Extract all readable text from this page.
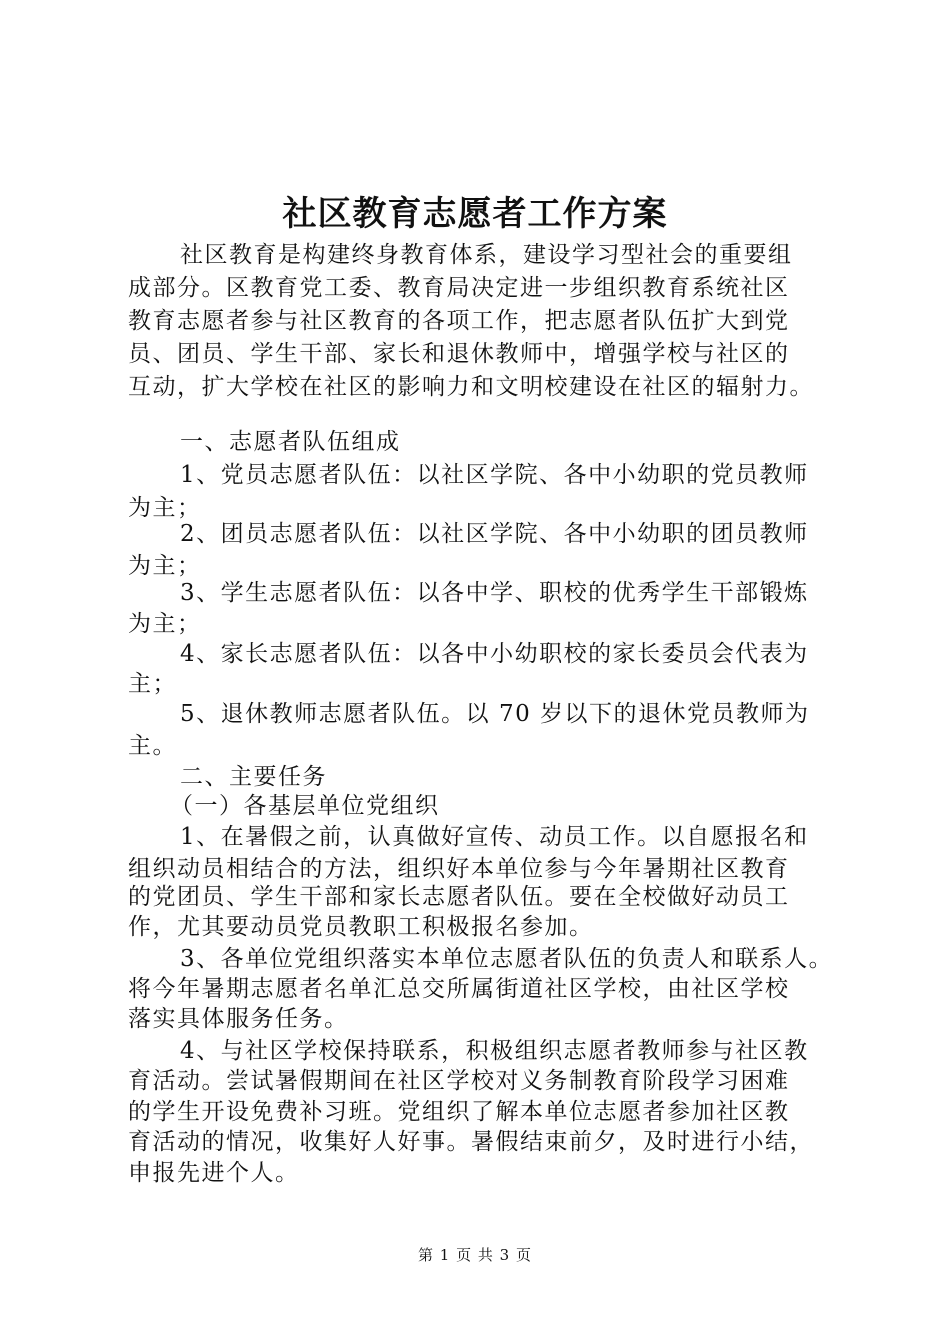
社区教育志愿者工作方案
社区教育是构建终身教育体系，建设学习型社会的重要组
成部分。区教育党工委、教育局决定进一步组织教育系统社区
教育志愿者参与社区教育的各项工作，把志愿者队伍扩大到党
员、团员、学生干部、家长和退休教师中，增强学校与社区的
互动，扩大学校在社区的影响力和文明校建设在社区的辐射力。
一、志愿者队伍组成
1、党员志愿者队伍：以社区学院、各中小幼职的党员教师
为主；
2、团员志愿者队伍：以社区学院、各中小幼职的团员教师
为主；
3、学生志愿者队伍：以各中学、职校的优秀学生干部锻炼
为主；
4、家长志愿者队伍：以各中小幼职校的家长委员会代表为
主；
5、退休教师志愿者队伍。以 70 岁以下的退休党员教师为
主。
二、主要任务
（一）各基层单位党组织
1、在暑假之前，认真做好宣传、动员工作。以自愿报名和
组织动员相结合的方法，组织好本单位参与今年暑期社区教育
的党团员、学生干部和家长志愿者队伍。要在全校做好动员工
作，尤其要动员党员教职工积极报名参加。
3、各单位党组织落实本单位志愿者队伍的负责人和联系人。
将今年暑期志愿者名单汇总交所属街道社区学校，由社区学校
落实具体服务任务。
4、与社区学校保持联系，积极组织志愿者教师参与社区教
育活动。尝试暑假期间在社区学校对义务制教育阶段学习困难
的学生开设免费补习班。党组织了解本单位志愿者参加社区教
育活动的情况，收集好人好事。暑假结束前夕，及时进行小结，
申报先进个人。
第 1 页 共 3 页
